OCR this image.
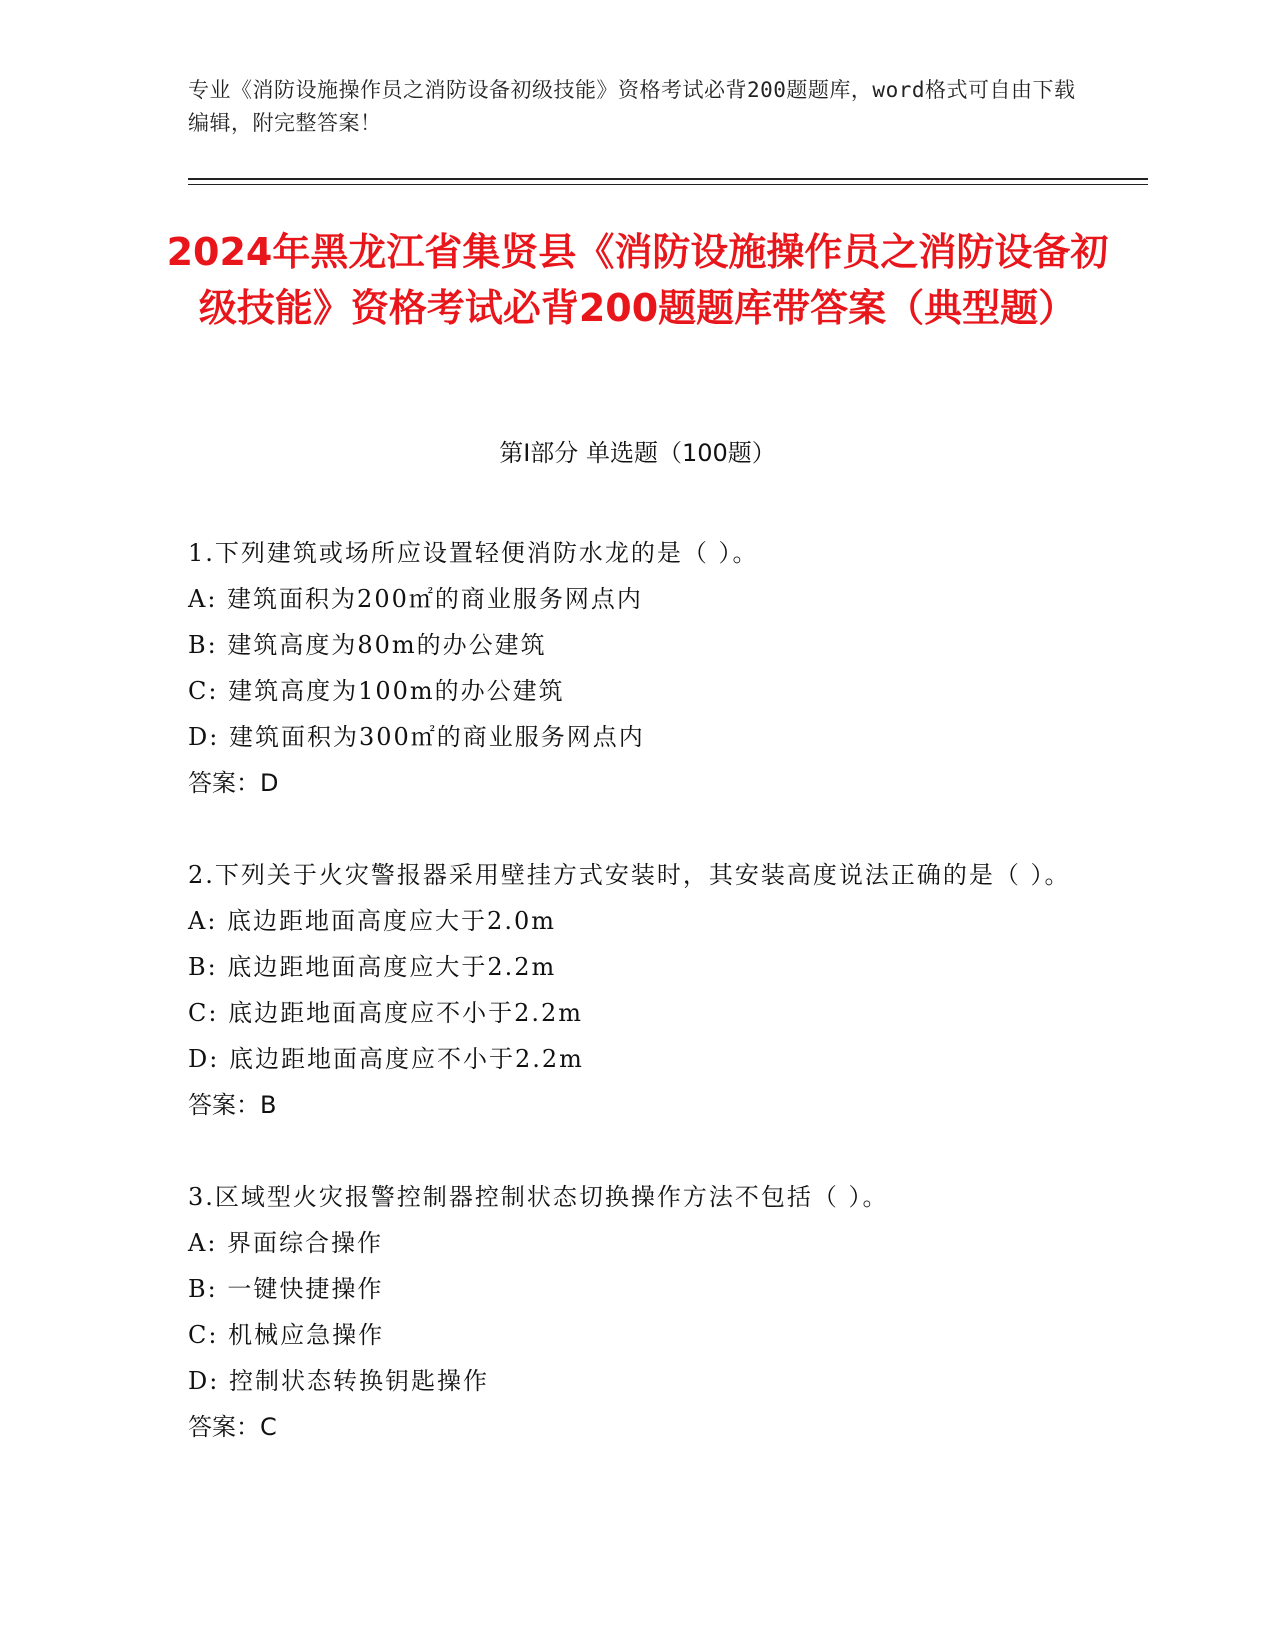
专业《消防设施操作员之消防设备初级技能》资格考试必背200题题库，word格式可自由下载编辑，附完整答案！
2024年黑龙江省集贤县《消防设施操作员之消防设备初级技能》资格考试必背200题题库带答案（典型题）
第Ⅰ部分 单选题（100题）
1.下列建筑或场所应设置轻便消防水龙的是（ ）。
A: 建筑面积为200㎡的商业服务网点内
B: 建筑高度为80m的办公建筑
C: 建筑高度为100m的办公建筑
D: 建筑面积为300㎡的商业服务网点内
答案：D
2.下列关于火灾警报器采用壁挂方式安装时，其安装高度说法正确的是（ ）。
A: 底边距地面高度应大于2.0m
B: 底边距地面高度应大于2.2m
C: 底边距地面高度应不小于2.2m
D: 底边距地面高度应不小于2.2m
答案：B
3.区域型火灾报警控制器控制状态切换操作方法不包括（ ）。
A: 界面综合操作
B: 一键快捷操作
C: 机械应急操作
D: 控制状态转换钥匙操作
答案：C
